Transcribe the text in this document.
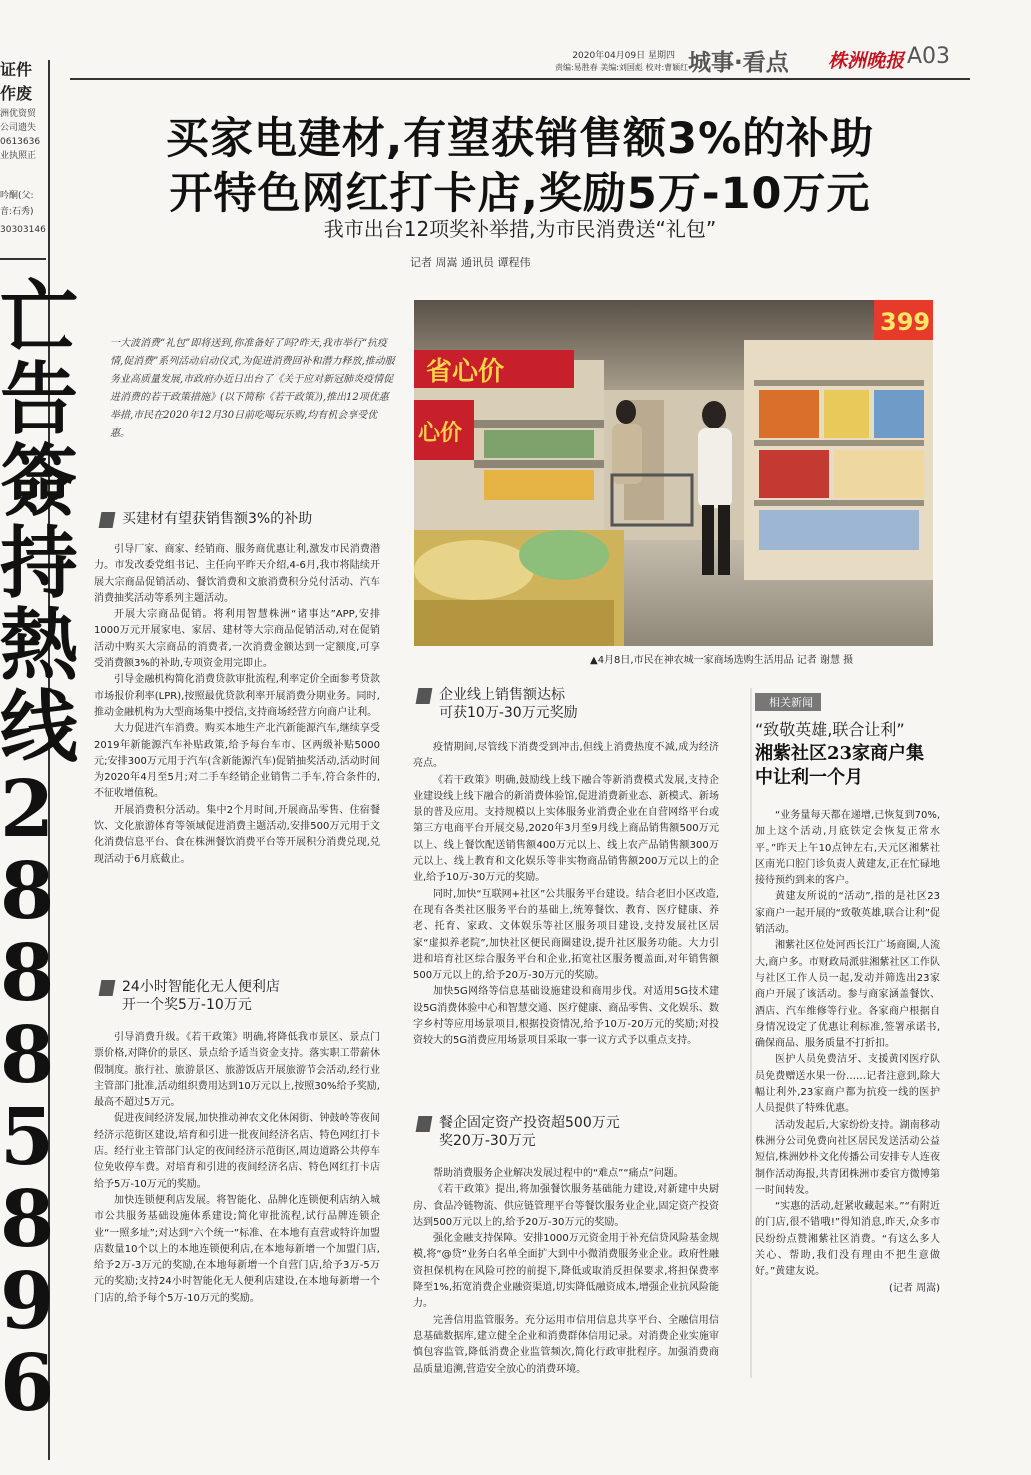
证件
作废
洲优资贸
公司遗失
0613636
业执照正
吟酮(父:
音:石秀)
30303146
亡
告
簽
持
熱
线
2
8
8
8
5
8
9
6
2020年04月09日 星期四
责编:易胜春 美编:刘国彪 校对:曹颖红 城事·看点 株洲晚报 A03
买家电建材,有望获销售额3%的补助
开特色网红打卡店,奖励5万-10万元
我市出台12项奖补举措,为市民消费送“礼包”
记者 周嵩 通讯员 谭程伟
一大波消费“礼包”即将送到,你准备好了吗?昨天,我市举行“抗疫情,促消费”系列活动启动仪式,为促进消费回补和潜力释放,推动服务业高质量发展,市政府办近日出台了《关于应对新冠肺炎疫情促进消费的若干政策措施》(以下简称《若干政策》),推出12项优惠举措,市民在2020年12月30日前吃喝玩乐购,均有机会享受优惠。
省心价
心价
399
▲4月8日,市民在神农城一家商场选购生活用品 记者 谢慧 摄
买建材有望获销售额3%的补助

引导厂家、商家、经销商、服务商优惠让利,激发市民消费潜力。市发改委党组书记、主任向平昨天介绍,4-6月,我市将陆续开展大宗商品促销活动、餐饮消费和文旅消费积分兑付活动、汽车消费抽奖活动等系列主题活动。

开展大宗商品促销。将利用智慧株洲“诸事达”APP,安排1000万元开展家电、家居、建材等大宗商品促销活动,对在促销活动中购买大宗商品的消费者,一次消费金额达到一定额度,可享受消费额3%的补助,专项资金用完即止。

引导金融机构简化消费贷款审批流程,利率定价全面参考贷款市场报价利率(LPR),按照最优贷款利率开展消费分期业务。同时,推动金融机构为大型商场集中授信,支持商场经营方向商户让利。

大力促进汽车消费。购买本地生产北汽新能源汽车,继续享受2019年新能源汽车补贴政策,给予每台车市、区两级补贴5000元;安排300万元用于汽车(含新能源汽车)促销抽奖活动,活动时间为2020年4月至5月;对二手车经销企业销售二手车,符合条件的,不征收增值税。

开展消费积分活动。集中2个月时间,开展商品零售、住宿餐饮、文化旅游体育等领域促进消费主题活动,安排500万元用于文化消费信息平台、食在株洲餐饮消费平台等开展积分消费兑现,兑现活动于6月底截止。

24小时智能化无人便利店
开一个奖5万-10万元

引导消费升级。《若干政策》明确,将降低我市景区、景点门票价格,对降价的景区、景点给予适当资金支持。落实职工带薪休假制度。旅行社、旅游景区、旅游饭店开展旅游节会活动,经行业主管部门批准,活动组织费用达到10万元以上,按照30%给予奖励,最高不超过5万元。

促进夜间经济发展,加快推动神农文化休闲街、钟鼓岭等夜间经济示范街区建设,培育和引进一批夜间经济名店、特色网红打卡店。经行业主管部门认定的夜间经济示范街区,周边道路公共停车位免收停车费。对培育和引进的夜间经济名店、特色网红打卡店给予5万-10万元的奖励。

加快连锁便利店发展。将智能化、品牌化连锁便利店纳入城市公共服务基础设施体系建设;简化审批流程,试行品牌连锁企业“一照多址”;对达到“六个统一”标准、在本地有直营或特许加盟店数量10个以上的本地连锁便利店,在本地每新增一个加盟门店,给予2万-3万元的奖励,在本地每新增一个自营门店,给予3万-5万元的奖励;支持24小时智能化无人便利店建设,在本地每新增一个门店的,给予每个5万-10万元的奖励。

企业线上销售额达标
可获10万-30万元奖励

疫情期间,尽管线下消费受到冲击,但线上消费热度不减,成为经济亮点。

《若干政策》明确,鼓励线上线下融合等新消费模式发展,支持企业建设线上线下融合的新消费体验馆,促进消费新业态、新模式、新场景的普及应用。支持规模以上实体服务业消费企业在自营网络平台或第三方电商平台开展交易,2020年3月至9月线上商品销售额500万元以上、线上餐饮配送销售额400万元以上、线上农产品销售额300万元以上、线上教育和文化娱乐等非实物商品销售额200万元以上的企业,给予10万-30万元的奖励。

同时,加快“互联网+社区”公共服务平台建设。结合老旧小区改造,在现有各类社区服务平台的基础上,统筹餐饮、教育、医疗健康、养老、托育、家政、文体娱乐等社区服务项目建设,支持发展社区居家“虚拟养老院”,加快社区便民商圈建设,提升社区服务功能。大力引进和培育社区综合服务平台和企业,拓宽社区服务覆盖面,对年销售额500万元以上的,给予20万-30万元的奖励。

加快5G网络等信息基础设施建设和商用步伐。对适用5G技术建设5G消费体验中心和智慧交通、医疗健康、商品零售、文化娱乐、数字乡村等应用场景项目,根据投资情况,给予10万-20万元的奖励;对投资较大的5G消费应用场景项目采取一事一议方式予以重点支持。

餐企固定资产投资超500万元
奖20万-30万元

帮助消费服务企业解决发展过程中的“难点”“痛点”问题。

《若干政策》提出,将加强餐饮服务基础能力建设,对新建中央厨房、食品冷链物流、供应链管理平台等餐饮服务业企业,固定资产投资达到500万元以上的,给予20万-30万元的奖励。

强化金融支持保障。安排1000万元资金用于补充信贷风险基金规模,将“@贷”业务白名单全面扩大到中小微消费服务业企业。政府性融资担保机构在风险可控的前提下,降低或取消反担保要求,将担保费率降至1%,拓宽消费企业融资渠道,切实降低融资成本,增强企业抗风险能力。

完善信用监管服务。充分运用市信用信息共享平台、全融信用信息基础数据库,建立健全企业和消费群体信用记录。对消费企业实施审慎包容监管,降低消费企业监管频次,简化行政审批程序。加强消费商品质量追溯,营造安全放心的消费环境。

相关新闻
“致敬英雄,联合让利”
湘紫社区23家商户集中让利一个月

“业务量每天都在递增,已恢复到70%,加上这个活动,月底铁定会恢复正常水平。”昨天上午10点钟左右,天元区湘紫社区南光口腔门诊负责人黄建友,正在忙碌地接待预约到来的客户。

黄建友所说的“活动”,指的是社区23家商户一起开展的“致敬英雄,联合让利”促销活动。

湘紫社区位处河西长江广场商圈,人流大,商户多。市财政局派驻湘紫社区工作队与社区工作人员一起,发动并筛选出23家商户开展了该活动。参与商家涵盖餐饮、酒店、汽车维修等行业。各家商户根据自身情况设定了优惠让利标准,签署承诺书,确保商品、服务质量不打折扣。

医护人员免费洁牙、支援黄冈医疗队员免费赠送水果一份……记者注意到,除大幅让利外,23家商户都为抗疫一线的医护人员提供了特殊优惠。

活动发起后,大家纷纷支持。湖南移动株洲分公司免费向社区居民发送活动公益短信,株洲妙朴文化传播公司安排专人连夜制作活动海报,共青团株洲市委官方微博第一时间转发。

“实惠的活动,赶紧收藏起来。”“有附近的门店,很不错哦!”得知消息,昨天,众多市民纷纷点赞湘紫社区消费。“有这么多人关心、帮助,我们没有理由不把生意做好。”黄建友说。

(记者 周嵩)
